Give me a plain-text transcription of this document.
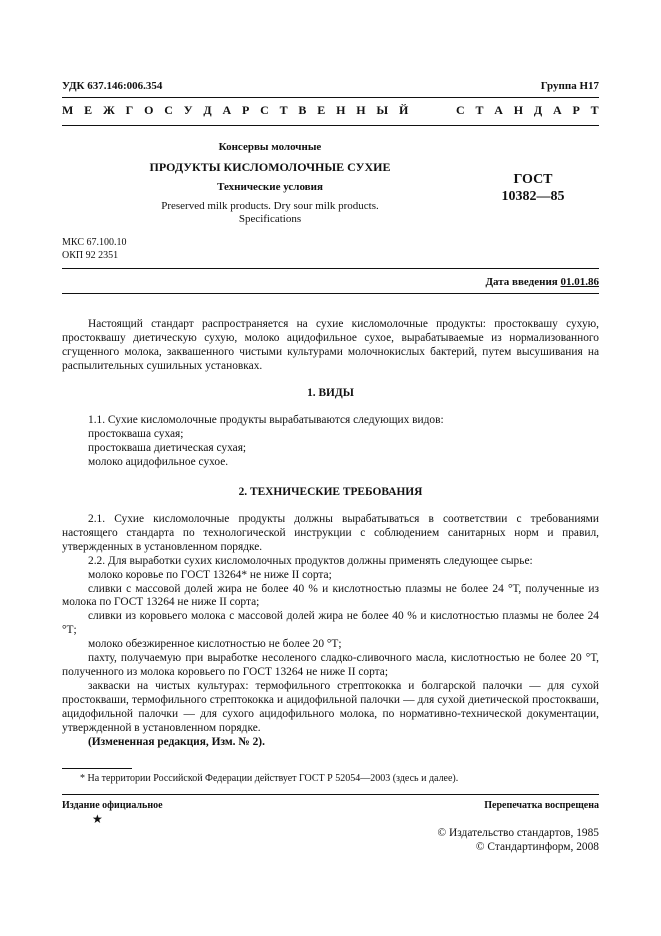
УДК 637.146:006.354	Группа Н17
М Е Ж Г О С У Д А Р С Т В Е Н Н Ы Й	С Т А Н Д А Р Т
Консервы молочные
ПРОДУКТЫ КИСЛОМОЛОЧНЫЕ СУХИЕ
Технические условия
Preserved milk products. Dry sour milk products.
Specifications
ГОСТ
10382—85
МКС 67.100.10
ОКП 92 2351
Дата введения 01.01.86

Настоящий стандарт распространяется на сухие кисломолочные продукты: простоквашу сухую, простоквашу диетическую сухую, молоко ацидофильное сухое, вырабатываемые из нормализованного сгущенного молока, заквашенного чистыми культурами молочнокислых бактерий, путем высушивания на распылительных сушильных установках.

1. ВИДЫ

1.1. Сухие кисломолочные продукты вырабатываются следующих видов:

простокваша сухая;

простокваша диетическая сухая;

молоко ацидофильное сухое.

2. ТЕХНИЧЕСКИЕ ТРЕБОВАНИЯ

2.1. Сухие кисломолочные продукты должны вырабатываться в соответствии с требованиями настоящего стандарта по технологической инструкции с соблюдением санитарных норм и правил, утвержденных в установленном порядке.

2.2. Для выработки сухих кисломолочных продуктов должны применять следующее сырье:

молоко коровье по ГОСТ 13264* не ниже II сорта;

сливки с массовой долей жира не более 40 % и кислотностью плазмы не более 24 °Т, полученные из молока по ГОСТ 13264 не ниже II сорта;

сливки из коровьего молока с массовой долей жира не более 40 % и кислотностью плазмы не более 24 °Т;

молоко обезжиренное кислотностью не более 20 °Т;

пахту, получаемую при выработке несоленого сладко-сливочного масла, кислотностью не более 20 °Т, полученного из молока коровьего по ГОСТ 13264 не ниже II сорта;

закваски на чистых культурах: термофильного стрептококка и болгарской палочки — для сухой простокваши, термофильного стрептококка и ацидофильной палочки — для сухой диетической простокваши, ацидофильной палочки — для сухого ацидофильного молока, по нормативно-технической документации, утвержденной в установленном порядке.

(Измененная редакция, Изм. № 2).

* На территории Российской Федерации действует ГОСТ Р 52054—2003 (здесь и далее).
Издание официальное
★
Перепечатка воспрещена
© Издательство стандартов, 1985
© Стандартинформ, 2008
